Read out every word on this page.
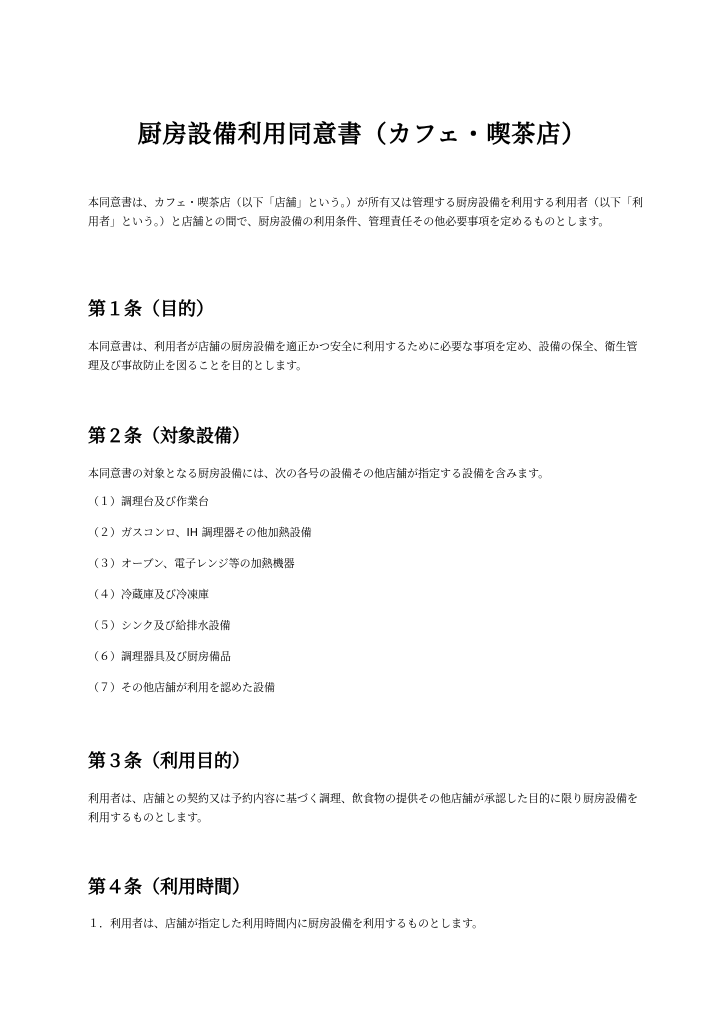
厨房設備利用同意書（カフェ・喫茶店）

本同意書は、カフェ・喫茶店（以下「店舗」という。）が所有又は管理する厨房設備を利用する利用者（以下「利用者」という。）と店舗との間で、厨房設備の利用条件、管理責任その他必要事項を定めるものとします。

第１条（目的）

本同意書は、利用者が店舗の厨房設備を適正かつ安全に利用するために必要な事項を定め、設備の保全、衛生管理及び事故防止を図ることを目的とします。

第２条（対象設備）

本同意書の対象となる厨房設備には、次の各号の設備その他店舗が指定する設備を含みます。

（１）調理台及び作業台

（２）ガスコンロ、IH 調理器その他加熱設備

（３）オーブン、電子レンジ等の加熱機器

（４）冷蔵庫及び冷凍庫

（５）シンク及び給排水設備

（６）調理器具及び厨房備品

（７）その他店舗が利用を認めた設備

第３条（利用目的）

利用者は、店舗との契約又は予約内容に基づく調理、飲食物の提供その他店舗が承認した目的に限り厨房設備を利用するものとします。

第４条（利用時間）

１．利用者は、店舗が指定した利用時間内に厨房設備を利用するものとします。
